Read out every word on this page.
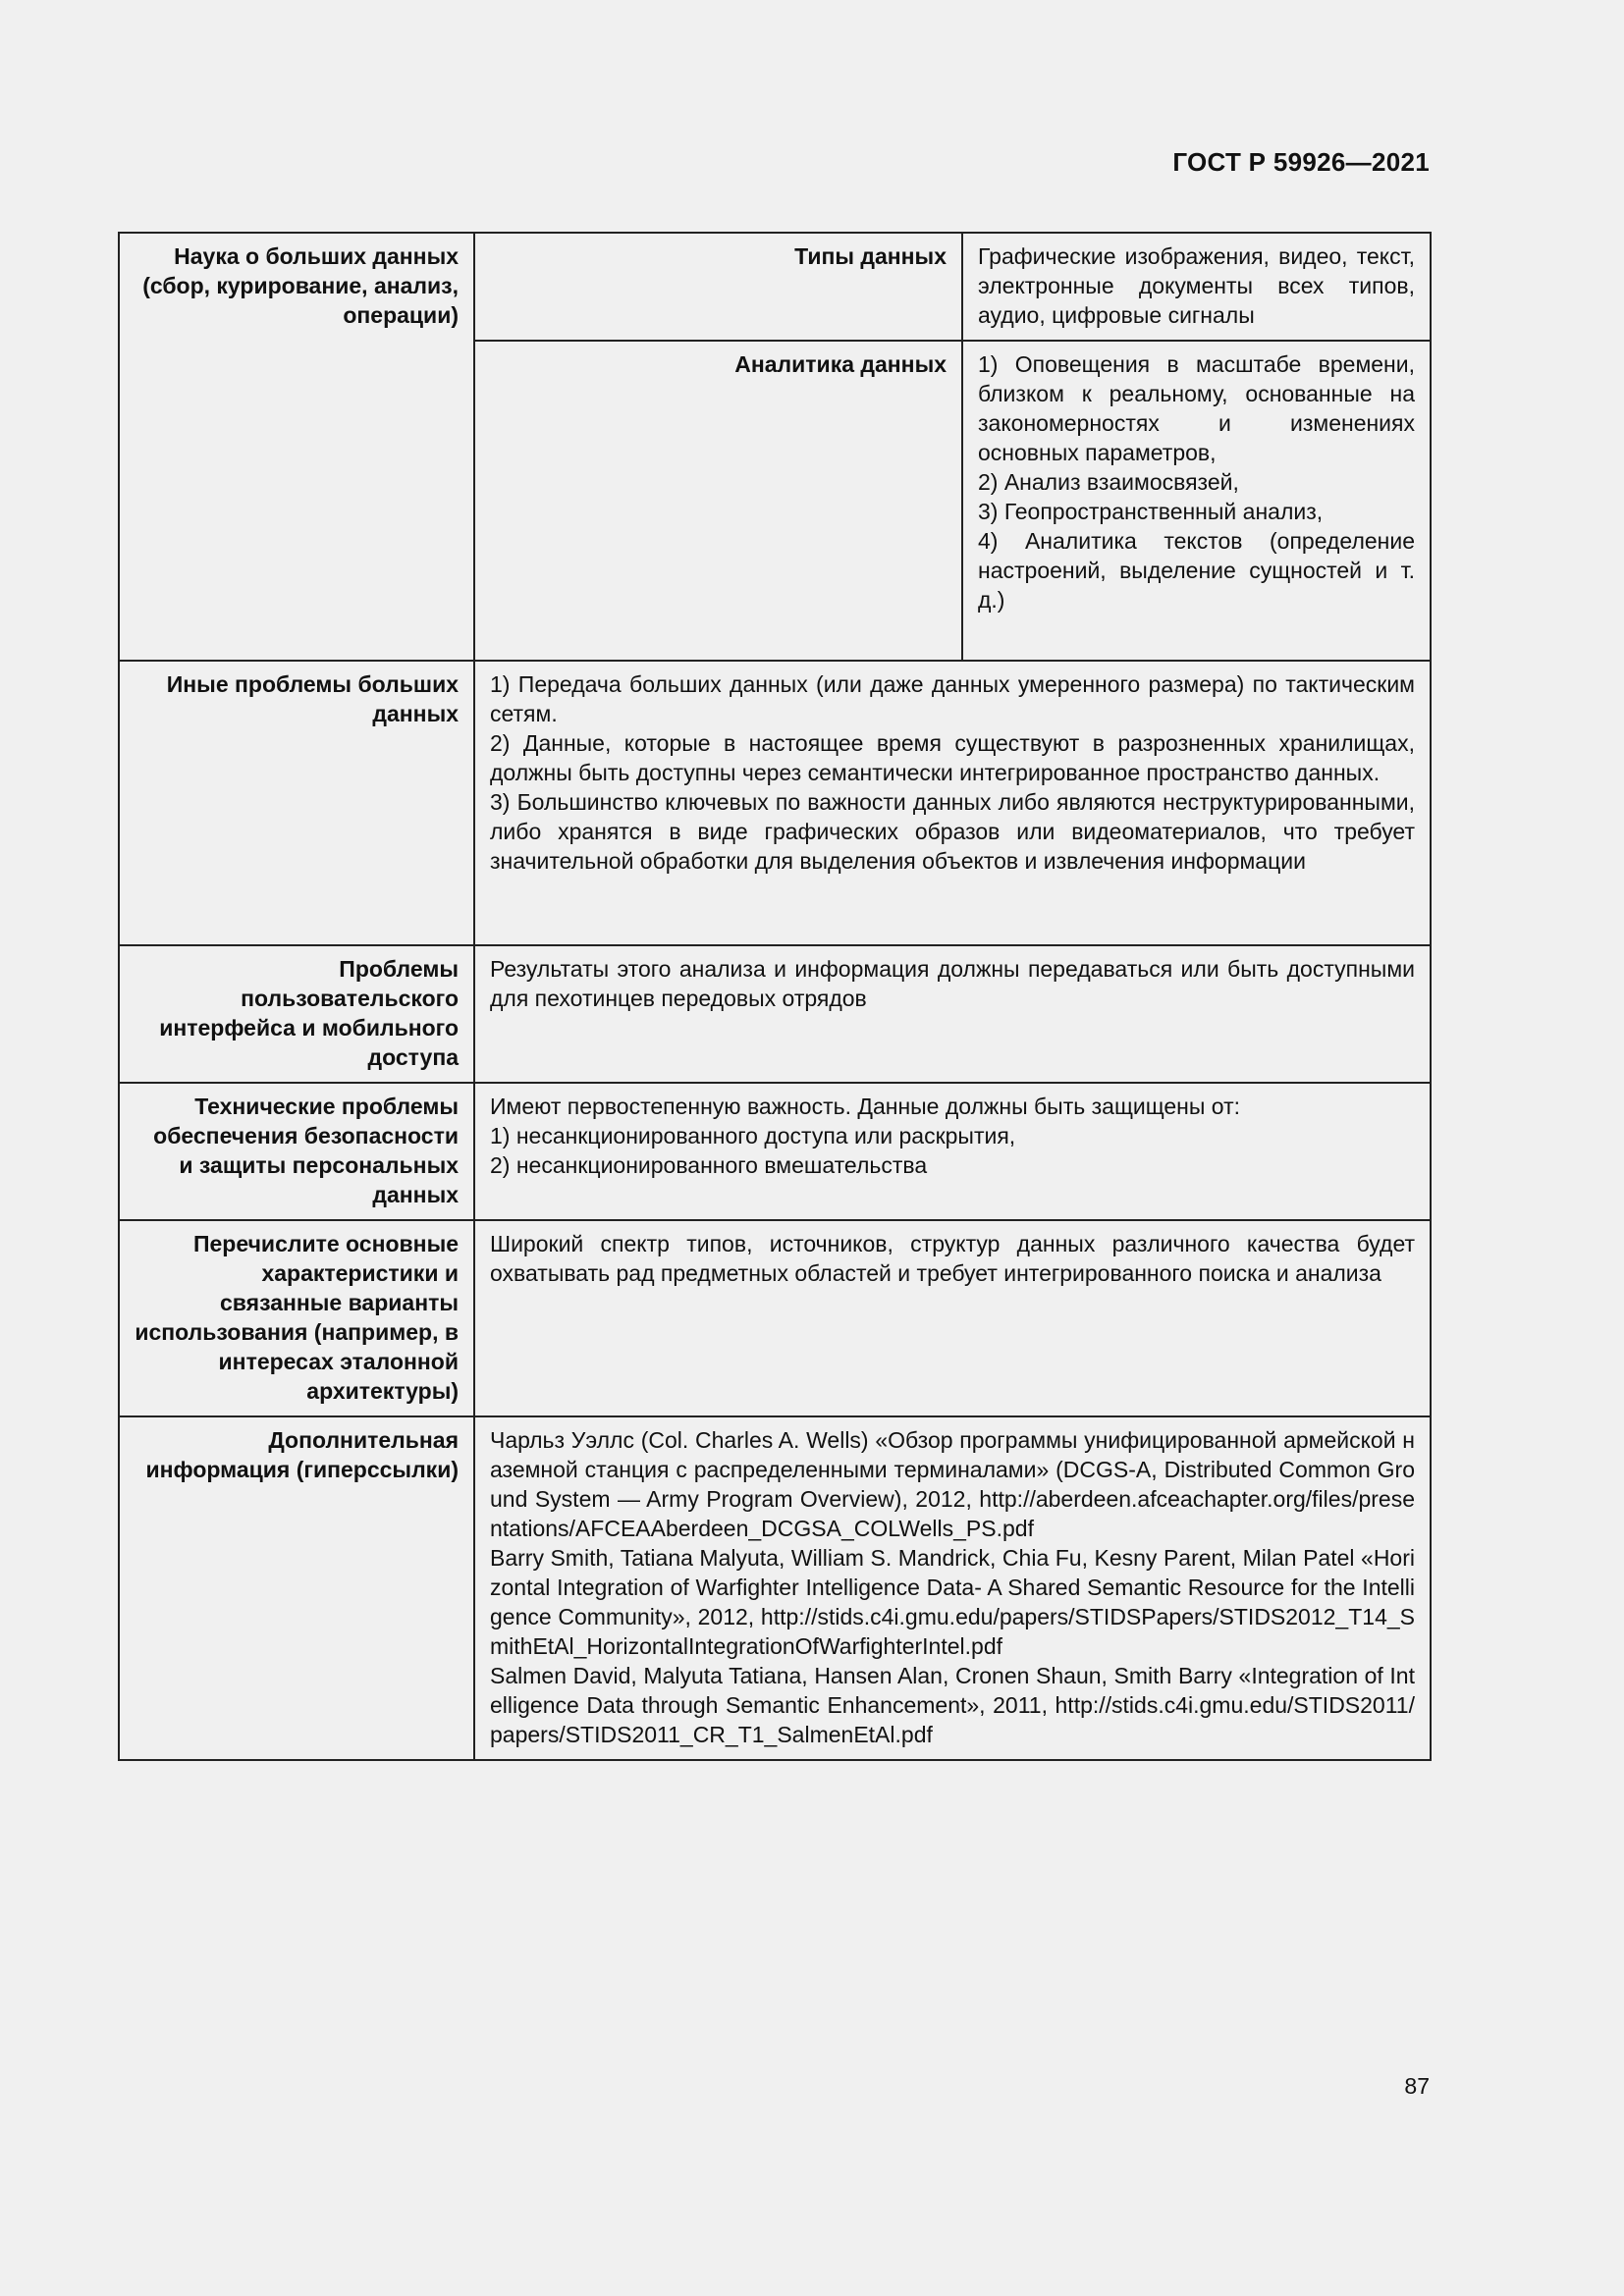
ГОСТ Р 59926—2021
Наука о больших данных (сбор, курирование, анализ, операции)	Типы данных	Графические изображения, видео, текст, электронные документы всех типов, аудио, цифровые сигналы
	Аналитика данных	1) Оповещения в масштабе времени, близком к реальному, основанные на закономерностях и изменениях основных параметров,
2) Анализ взаимосвязей,
3) Геопространственный анализ,
4) Аналитика текстов (определение настроений, выделение сущностей и т. д.)

Иные проблемы больших данных	1) Передача больших данных (или даже данных умеренного размера) по тактическим сетям.
2) Данные, которые в настоящее время существуют в разрозненных хранилищах, должны быть доступны через семантически интегрированное пространство данных.
3) Большинство ключевых по важности данных либо являются неструктурированными, либо хранятся в виде графических образов или видеоматериалов, что требует значительной обработки для выделения объектов и извлечения информации	

Проблемы пользовательского интерфейса и мобильного доступа	Результаты этого анализа и информация должны передаваться или быть доступными для пехотинцев передовых отрядов	
Технические проблемы обеспечения безопасности и защиты персональных данных	Имеют первостепенную важность. Данные должны быть защищены от:
1) несанкционированного доступа или раскрытия,
2) несанкционированного вмешательства	

Перечислите основные характеристики и связанные варианты использования (например, в интересах эталонной архитектуры)	Широкий спектр типов, источников, структур данных различного качества будет охватывать рад предметных областей и требует интегрированного поиска и анализа	
Дополнительная информация (гиперссылки)	Чарльз Уэллс (Col. Charles A. Wells) «Обзор программы унифицированной армейской наземной станция с распределенными терминалами» (DCGS-A, Distributed Common Ground System — Army Program Overview), 2012, http://aberdeen.afceachapter.org/files/presentations/AFCEAAberdeen_DCGSA_COLWells_PS.pdf
Barry Smith, Tatiana Malyuta, William S. Mandrick, Chia Fu, Kesny Parent, Milan Patel «Horizontal Integration of Warfighter Intelligence Data- A Shared Semantic Resource for the Intelligence Community», 2012, http://stids.c4i.gmu.edu/papers/STIDSPapers/STIDS2012_T14_SmithEtAl_HorizontalIntegrationOfWarfighterIntel.pdf
Salmen David, Malyuta Tatiana, Hansen Alan, Cronen Shaun, Smith Barry «Integration of Intelligence Data through Semantic Enhancement», 2011, http://stids.c4i.gmu.edu/STIDS2011/papers/STIDS2011_CR_T1_SalmenEtAl.pdf	
87
